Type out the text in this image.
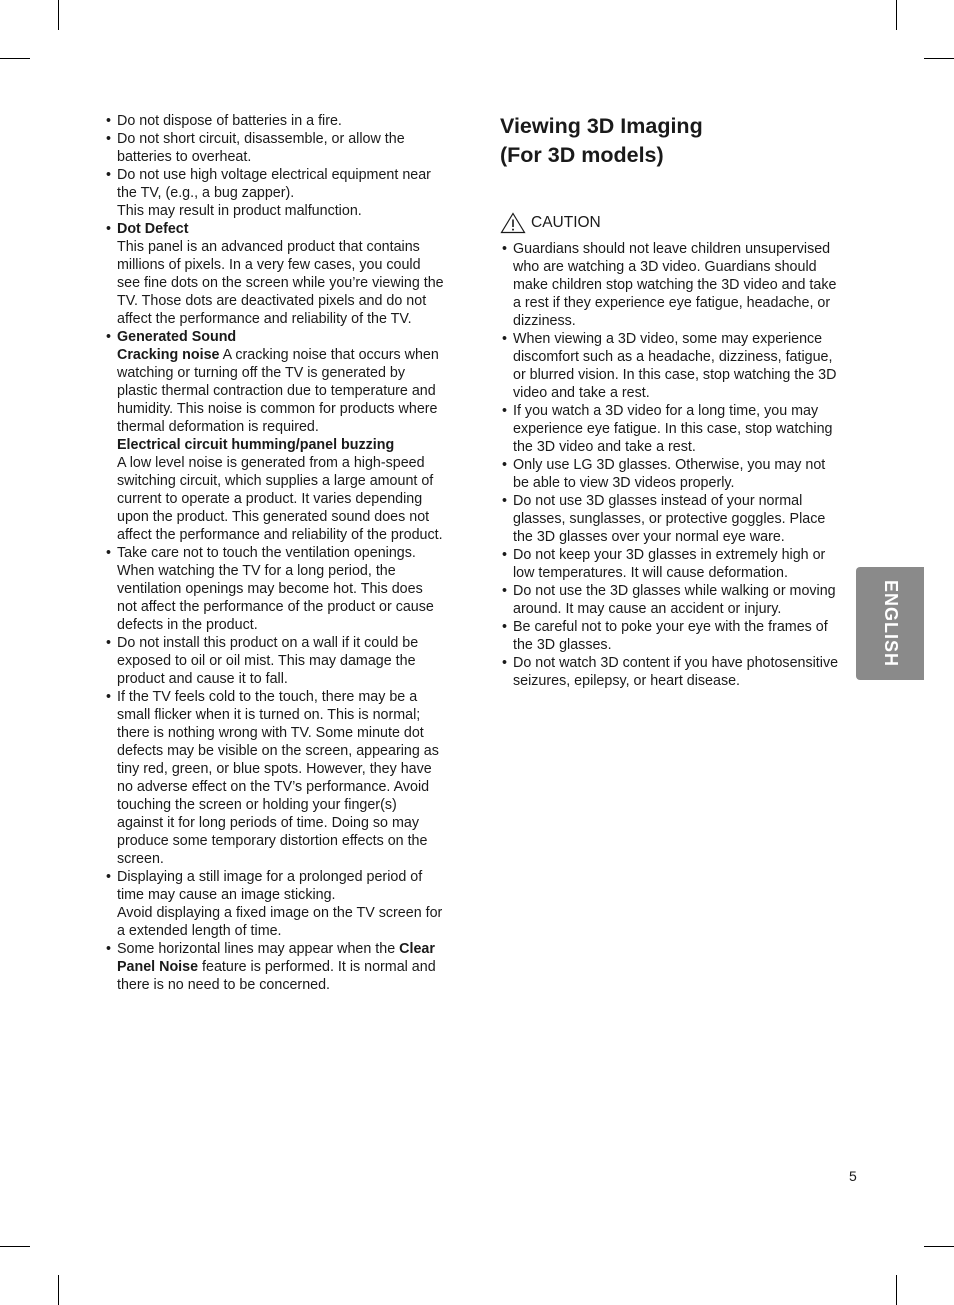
• Do not dispose of batteries in a fire.
• Do not short circuit, disassemble, or allow the batteries to overheat.
• Do not use high voltage electrical equipment near the TV, (e.g., a bug zapper).
This may result in product malfunction.
• Dot Defect
This panel is an advanced product that contains millions of pixels. In a very few cases, you could see fine dots on the screen while you’re viewing the TV. Those dots are deactivated pixels and do not affect the performance and reliability of the TV.
• Generated Sound
Cracking noise A cracking noise that occurs when watching or turning off the TV is generated by plastic thermal contraction due to temperature and humidity. This noise is common for products where thermal deformation is required.
Electrical circuit humming/panel buzzing
A low level noise is generated from a high-speed switching circuit, which supplies a large amount of current to operate a product. It varies depending upon the product. This generated sound does not affect the performance and reliability of the product.
• Take care not to touch the ventilation openings. When watching the TV for a long period, the ventilation openings may become hot. This does not affect the performance of the product or cause defects in the product.
• Do not install this product on a wall if it could be exposed to oil or oil mist. This may damage the product and cause it to fall.
• If the TV feels cold to the touch, there may be a small flicker when it is turned on. This is normal; there is nothing wrong with TV. Some minute dot defects may be visible on the screen, appearing as tiny red, green, or blue spots. However, they have no adverse effect on the TV’s performance. Avoid touching the screen or holding your finger(s) against it for long periods of time. Doing so may produce some temporary distortion effects on the screen.
• Displaying a still image for a prolonged period of time may cause an image sticking.
Avoid displaying a fixed image on the TV screen for a extended length of time.
• Some horizontal lines may appear when the Clear Panel Noise feature is performed. It is normal and there is no need to be concerned.
Viewing 3D Imaging
(For 3D models)
CAUTION
• Guardians should not leave children unsupervised who are watching a 3D video. Guardians should make children stop watching the 3D video and take a rest if they experience eye fatigue, headache, or dizziness.
• When viewing a 3D video, some may experience discomfort such as a headache, dizziness, fatigue, or blurred vision. In this case, stop watching the 3D video and take a rest.
• If you watch a 3D video for a long time, you may experience eye fatigue. In this case, stop watching the 3D video and take a rest.
• Only use LG 3D glasses. Otherwise, you may not be able to view 3D videos properly.
• Do not use 3D glasses instead of your normal glasses, sunglasses, or protective goggles. Place the 3D glasses over your normal eye ware.
• Do not keep your 3D glasses in extremely high or low temperatures. It will cause deformation.
• Do not use the 3D glasses while walking or moving around. It may cause an accident or injury.
• Be careful not to poke your eye with the frames of the 3D glasses.
• Do not watch 3D content if you have photosensitive seizures, epilepsy, or heart disease.
ENGLISH
5
